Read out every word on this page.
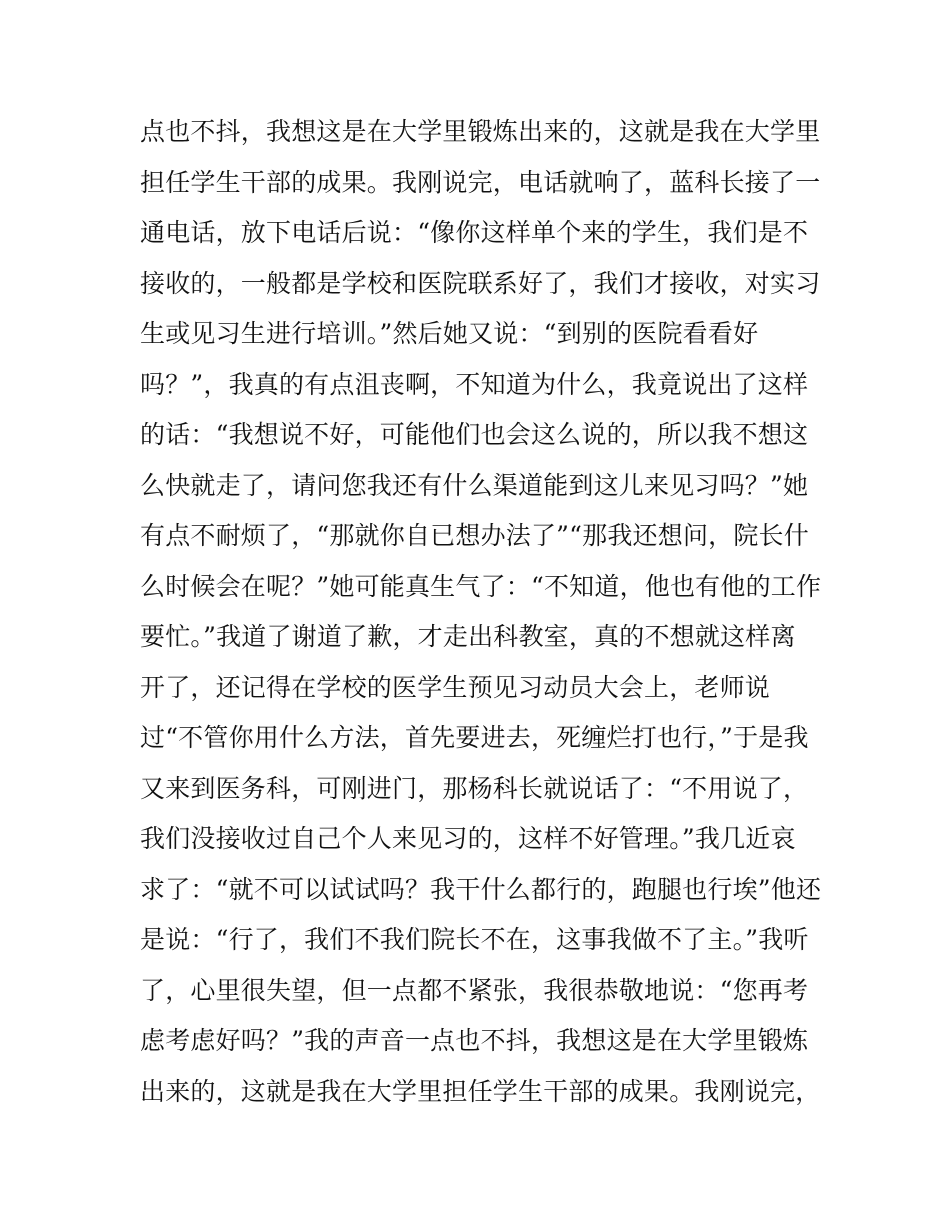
点也不抖，我想这是在大学里锻炼出来的，这就是我在大学里
担任学生干部的成果。我刚说完，电话就响了，蓝科长接了一
通电话，放下电话后说：“像你这样单个来的学生，我们是不
接收的，一般都是学校和医院联系好了，我们才接收，对实习
生或见习生进行培训。”然后她又说：“到别的医院看看好
吗？”，我真的有点沮丧啊，不知道为什么，我竟说出了这样
的话：“我想说不好，可能他们也会这么说的，所以我不想这
么快就走了，请问您我还有什么渠道能到这儿来见习吗？”她
有点不耐烦了，“那就你自已想办法了”“那我还想问，院长什
么时候会在呢？”她可能真生气了：“不知道，他也有他的工作
要忙。”我道了谢道了歉，才走出科教室，真的不想就这样离
开了，还记得在学校的医学生预见习动员大会上，老师说
过“不管你用什么方法，首先要进去，死缠烂打也行，”于是我
又来到医务科，可刚进门，那杨科长就说话了：“不用说了，
我们没接收过自己个人来见习的，这样不好管理。”我几近哀
求了：“就不可以试试吗？我干什么都行的，跑腿也行埃”他还
是说：“行了，我们不我们院长不在，这事我做不了主。”我听
了，心里很失望，但一点都不紧张，我很恭敬地说：“您再考
虑考虑好吗？”我的声音一点也不抖，我想这是在大学里锻炼
出来的，这就是我在大学里担任学生干部的成果。我刚说完，
